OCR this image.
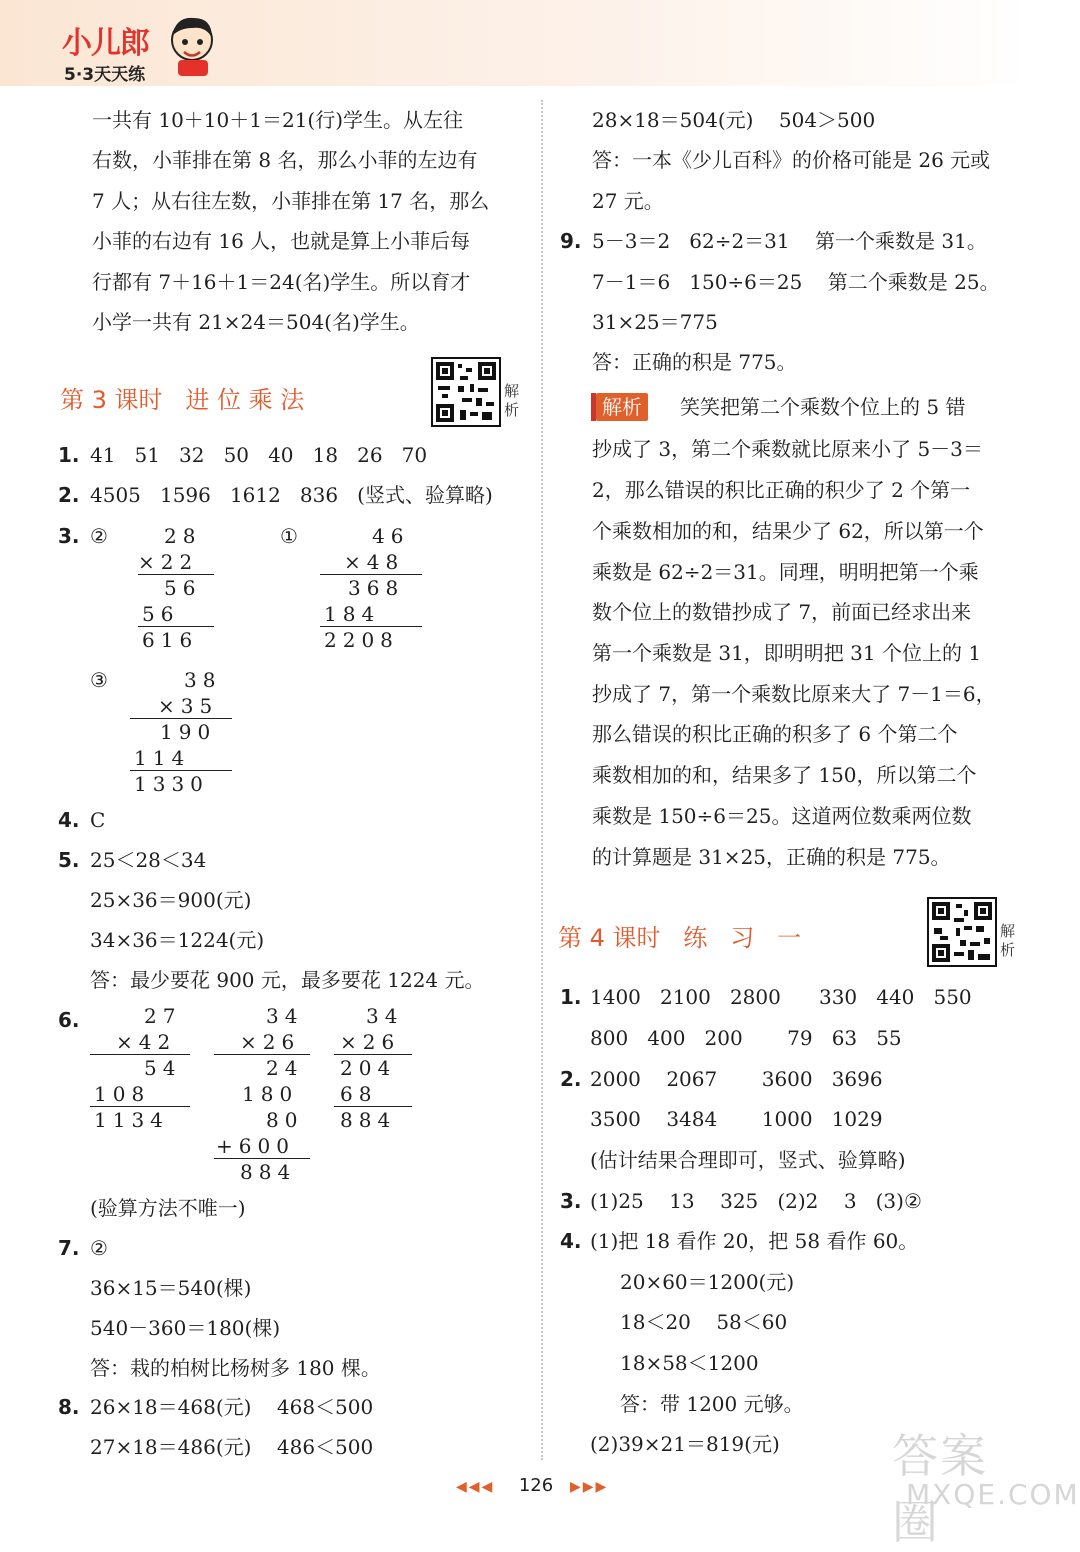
小儿郎
5·3天天练
一共有 10＋10＋1＝21(行)学生。从左往
右数，小菲排在第 8 名，那么小菲的左边有
7 人；从右往左数，小菲排在第 17 名，那么
小菲的右边有 16 人，也就是算上小菲后每
行都有 7＋16＋1＝24(名)学生。所以育才
小学一共有 21×24＝504(名)学生。
第 3 课时   进 位 乘 法	解析
1. 41   51   32   50   40   18   26   70
2. 4505   1596   1612   836   (竖式、验算略)
3. ②	28
×22
56
56
616
①	46
×48
368
184
2208
③	38
×35
190
114
1330
4. C
5. 25＜28＜34
25×36＝900(元)
34×36＝1224(元)
答：最少要花 900 元，最多要花 1224 元。
6.	27
×42
54
108
1134
34
×26
24
180
80
+600
884
34
×26
204
68
884
(验算方法不唯一)
7. ②
36×15＝540(棵)
540－360＝180(棵)
答：栽的柏树比杨树多 180 棵。
8. 26×18＝468(元)    468＜500
27×18＝486(元)    486＜500
28×18＝504(元)    504＞500
答：一本《少儿百科》的价格可能是 26 元或
27 元。
9. 5－3＝2   62÷2＝31    第一个乘数是 31。
7－1＝6   150÷6＝25    第二个乘数是 25。
31×25＝775
答：正确的积是 775。
解析	笑笑把第二个乘数个位上的 5 错
抄成了 3，第二个乘数就比原来小了 5－3＝
2，那么错误的积比正确的积少了 2 个第一
个乘数相加的和，结果少了 62，所以第一个
乘数是 62÷2＝31。同理，明明把第一个乘
数个位上的数错抄成了 7，前面已经求出来
第一个乘数是 31，即明明把 31 个位上的 1
抄成了 7，第一个乘数比原来大了 7－1＝6，
那么错误的积比正确的积多了 6 个第二个
乘数相加的和，结果多了 150，所以第二个
乘数是 150÷6＝25。这道两位数乘两位数
的计算题是 31×25，正确的积是 775。
第 4 课时   练   习   一	解析
1. 1400   2100   2800      330   440   550
800   400   200       79   63   55
2. 2000    2067       3600   3696
3500    3484       1000   1029
(估计结果合理即可，竖式、验算略)
3. (1)25    13    325   (2)2    3   (3)②
4. (1)把 18 看作 20，把 58 看作 60。
20×60＝1200(元)
18＜20    58＜60
18×58＜1200
答：带 1200 元够。
(2)39×21＝819(元)
◀◀◀	126	▶▶▶
答案圈
MXQE.COM
